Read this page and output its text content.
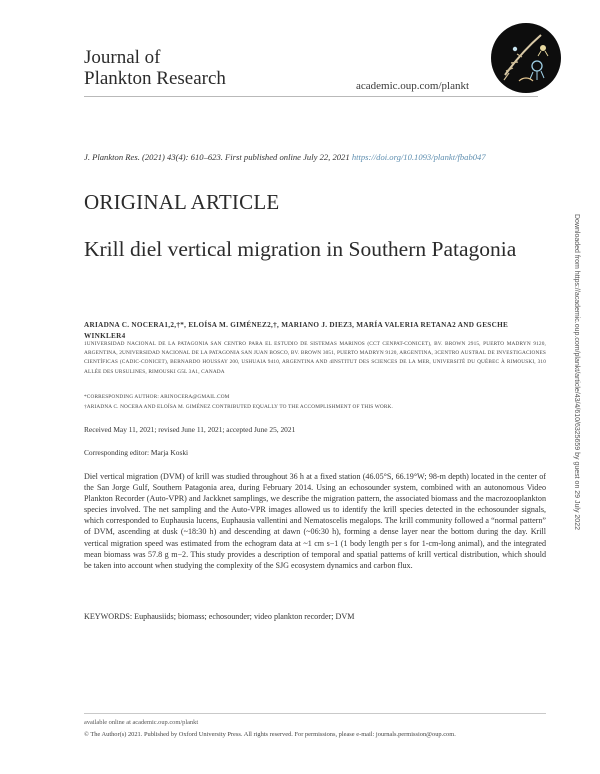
Journal of
Plankton Research	academic.oup.com/plankt
J. Plankton Res. (2021) 43(4): 610–623. First published online July 22, 2021 https://doi.org/10.1093/plankt/fbab047
ORIGINAL ARTICLE
Krill diel vertical migration in Southern Patagonia
ARIADNA C. NOCERA1,2,†*, ELOÍSA M. GIMÉNEZ2,†, MARIANO J. DIEZ3, MARÍA VALERIA RETANA2 AND GESCHE WINKLER4
1UNIVERSIDAD NACIONAL DE LA PATAGONIA SAN CENTRO PARA EL ESTUDIO DE SISTEMAS MARINOS (CCT CENPAT-CONICET), BV. BROWN 2915, PUERTO MADRYN 9120, ARGENTINA, 2UNIVERSIDAD NACIONAL DE LA PATAGONIA SAN JUAN BOSCO, BV. BROWN 3051, PUERTO MADRYN 9120, ARGENTINA, 3CENTRO AUSTRAL DE INVESTIGACIONES CIENTÍFICAS (CADIC-CONICET), BERNARDO HOUSSAY 200, USHUAIA 9410, ARGENTINA AND 4INSTITUT DES SCIENCES DE LA MER, UNIVERSITÉ DU QUÉBEC À RIMOUSKI, 310 ALLÉE DES URSULINES, RIMOUSKI G5L 3A1, CANADA
*CORRESPONDING AUTHOR: ARINOCERA@GMAIL.COM
†ARIADNA C. NOCERA AND ELOÍSA M. GIMÉNEZ CONTRIBUTED EQUALLY TO THE ACCOMPLISHMENT OF THIS WORK.
Received May 11, 2021; revised June 11, 2021; accepted June 25, 2021
Corresponding editor: Marja Koski
Diel vertical migration (DVM) of krill was studied throughout 36 h at a fixed station (46.05°S, 66.19°W; 98-m depth) located in the center of the San Jorge Gulf, Southern Patagonia area, during February 2014. Using an echosounder system, combined with an autonomous Video Plankton Recorder (Auto-VPR) and Jackknet samplings, we describe the migration pattern, the associated biomass and the macrozooplankton species involved. The net sampling and the Auto-VPR images allowed us to identify the krill species detected in the echosounder signals, which corresponded to Euphausia lucens, Euphausia vallentini and Nematoscelis megalops. The krill community followed a “normal pattern” of DVM, ascending at dusk (~18:30 h) and descending at dawn (~06:30 h), forming a dense layer near the bottom during the day. Krill vertical migration speed was estimated from the echogram data at ~1 cm s−1 (1 body length per s for 1-cm-long animal), and the integrated mean biomass was 57.8 g m−2. This study provides a description of temporal and spatial patterns of krill vertical distribution, which should be taken into account when studying the complexity of the SJG ecosystem dynamics and carbon flux.
KEYWORDS: Euphausiids; biomass; echosounder; video plankton recorder; DVM
available online at academic.oup.com/plankt
© The Author(s) 2021. Published by Oxford University Press. All rights reserved. For permissions, please e-mail: journals.permission@oup.com.
Downloaded from https://academic.oup.com/plankt/article/43/4/610/6325659 by guest on 29 July 2022
